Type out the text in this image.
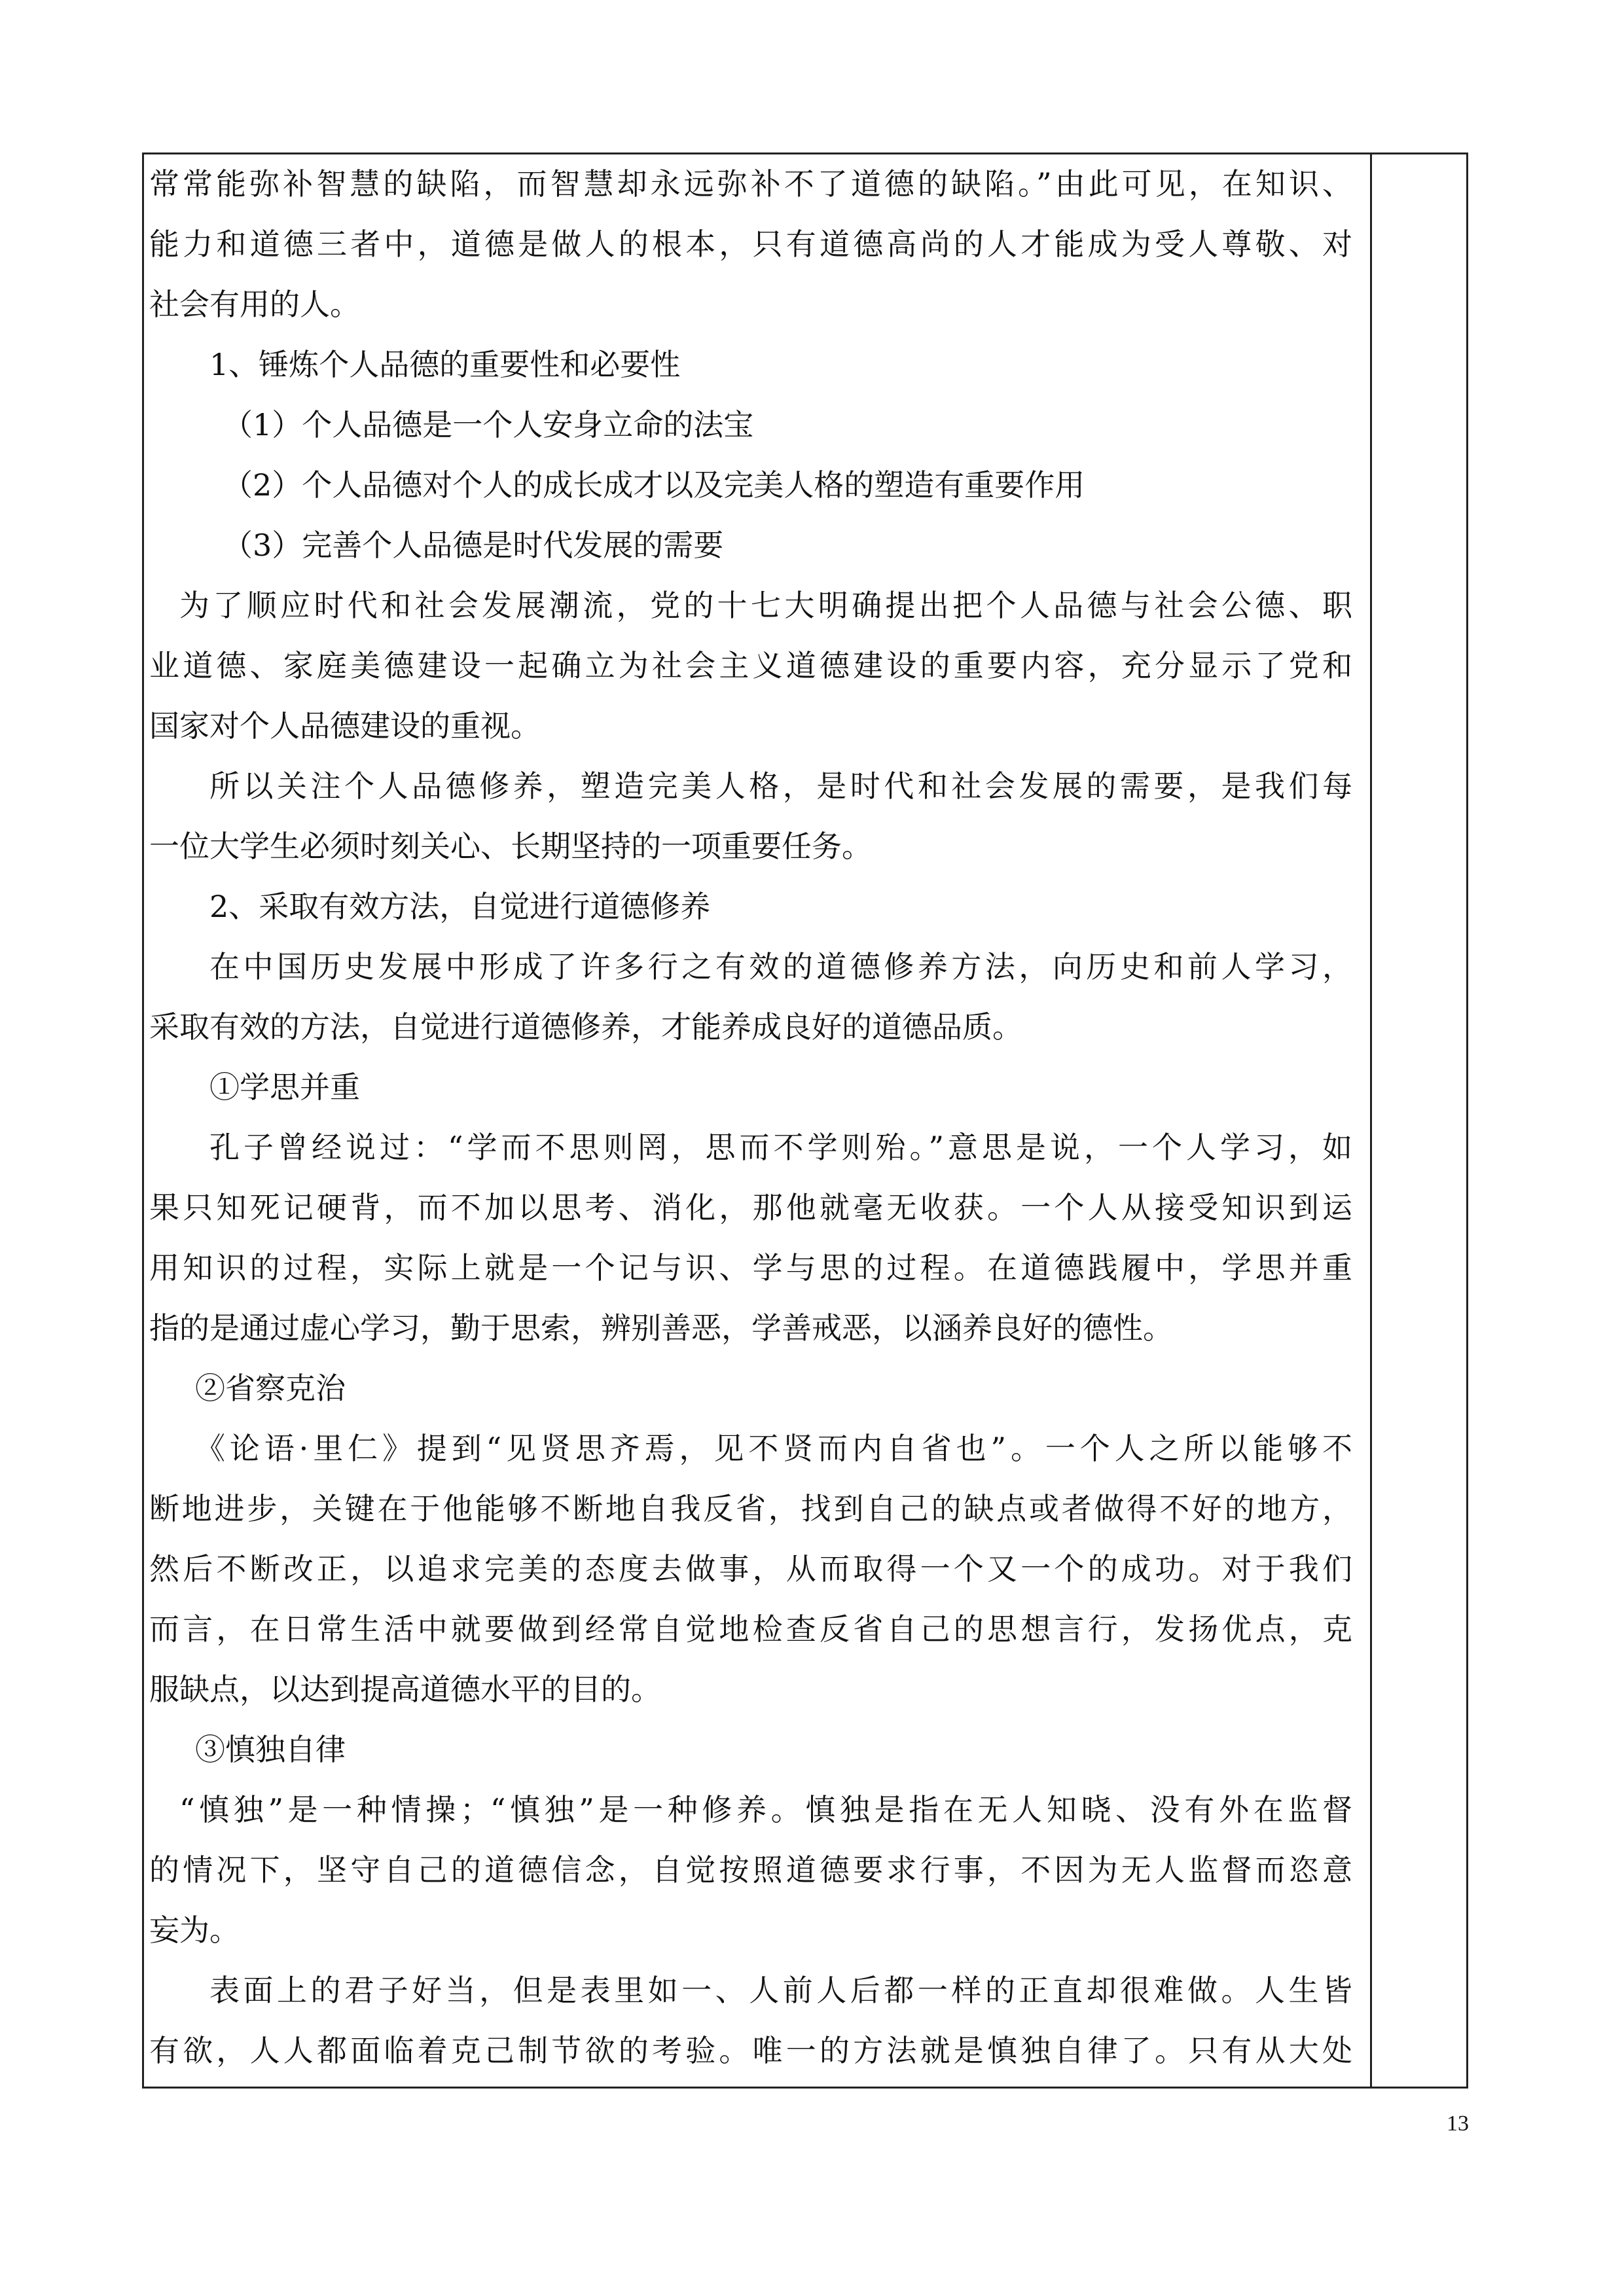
常常能弥补智慧的缺陷，而智慧却永远弥补不了道德的缺陷。”由此可见，在知识、
能力和道德三者中，道德是做人的根本，只有道德高尚的人才能成为受人尊敬、对
社会有用的人。
1、锤炼个人品德的重要性和必要性
（1）个人品德是一个人安身立命的法宝
（2）个人品德对个人的成长成才以及完美人格的塑造有重要作用
（3）完善个人品德是时代发展的需要
为了顺应时代和社会发展潮流，党的十七大明确提出把个人品德与社会公德、职
业道德、家庭美德建设一起确立为社会主义道德建设的重要内容，充分显示了党和
国家对个人品德建设的重视。
所以关注个人品德修养，塑造完美人格，是时代和社会发展的需要，是我们每
一位大学生必须时刻关心、长期坚持的一项重要任务。
2、采取有效方法，自觉进行道德修养
在中国历史发展中形成了许多行之有效的道德修养方法，向历史和前人学习，
采取有效的方法，自觉进行道德修养，才能养成良好的道德品质。
①学思并重
孔子曾经说过：“学而不思则罔，思而不学则殆。”意思是说，一个人学习，如
果只知死记硬背，而不加以思考、消化，那他就毫无收获。一个人从接受知识到运
用知识的过程，实际上就是一个记与识、学与思的过程。在道德践履中，学思并重
指的是通过虚心学习，勤于思索，辨别善恶，学善戒恶，以涵养良好的德性。
②省察克治
《论语·里仁》提到“见贤思齐焉，见不贤而内自省也”。一个人之所以能够不
断地进步，关键在于他能够不断地自我反省，找到自己的缺点或者做得不好的地方，
然后不断改正，以追求完美的态度去做事，从而取得一个又一个的成功。对于我们
而言，在日常生活中就要做到经常自觉地检查反省自己的思想言行，发扬优点，克
服缺点，以达到提高道德水平的目的。
③慎独自律
“慎独”是一种情操；“慎独”是一种修养。慎独是指在无人知晓、没有外在监督
的情况下，坚守自己的道德信念，自觉按照道德要求行事，不因为无人监督而恣意
妄为。
表面上的君子好当，但是表里如一、人前人后都一样的正直却很难做。人生皆
有欲，人人都面临着克己制节欲的考验。唯一的方法就是慎独自律了。只有从大处
13
